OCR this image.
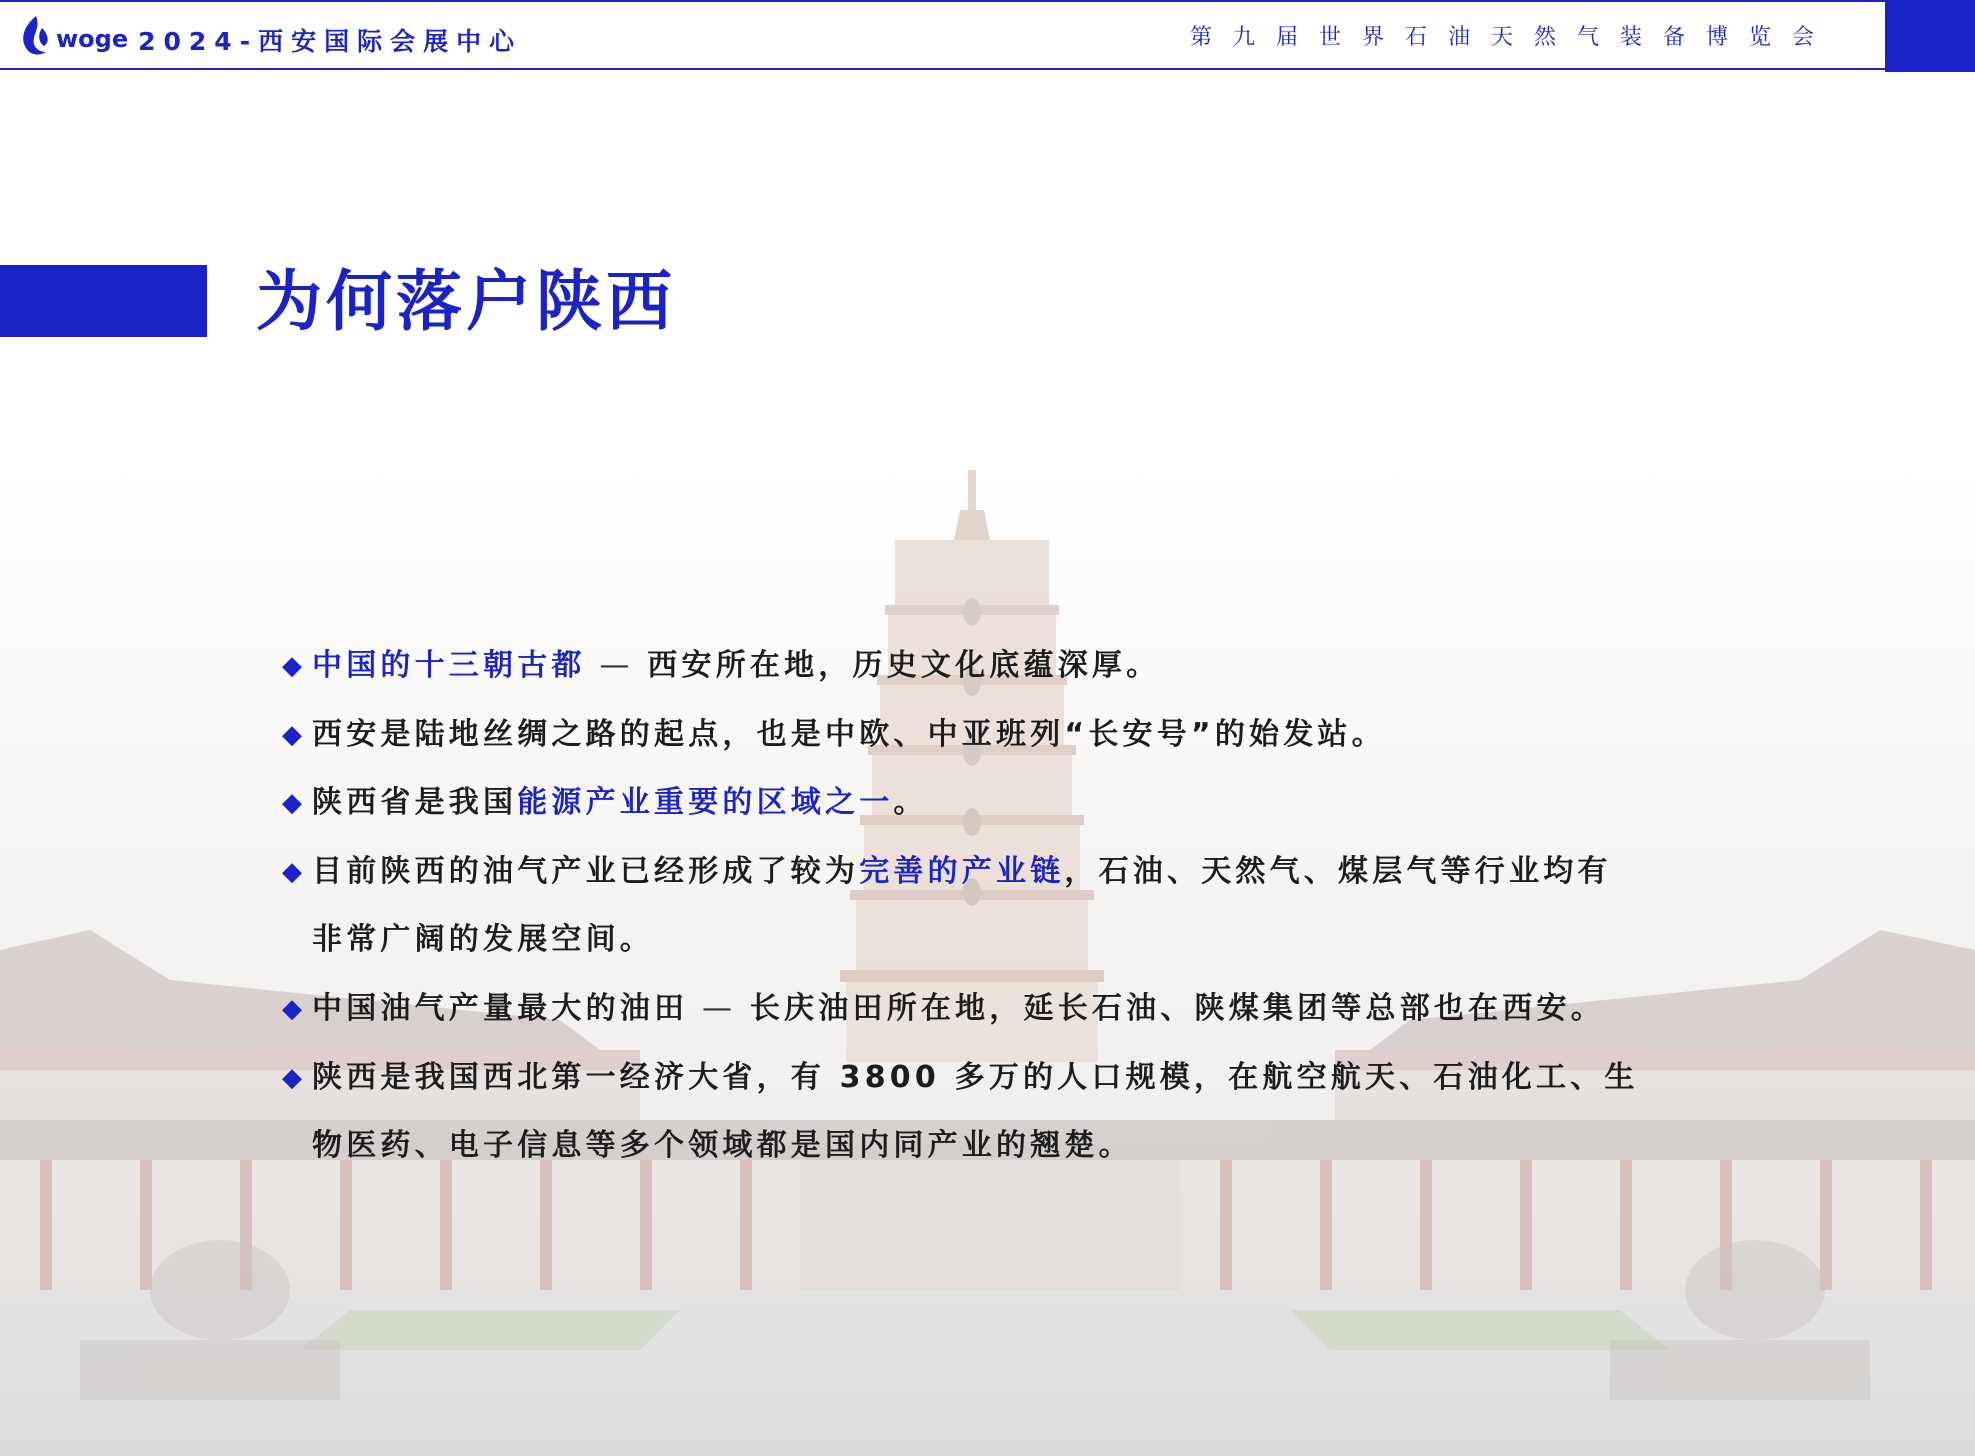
woge 2024-西安国际会展中心	第九届世界石油天然气装备博览会
为何落户陕西
◆ 中国的十三朝古都 — 西安所在地，历史文化底蕴深厚。
◆ 西安是陆地丝绸之路的起点，也是中欧、中亚班列“长安号”的始发站。
◆ 陕西省是我国能源产业重要的区域之一。
◆ 目前陕西的油气产业已经形成了较为完善的产业链，石油、天然气、煤层气等行业均有
非常广阔的发展空间。
◆ 中国油气产量最大的油田 — 长庆油田所在地，延长石油、陕煤集团等总部也在西安。
◆ 陕西是我国西北第一经济大省，有 3800 多万的人口规模，在航空航天、石油化工、生
物医药、电子信息等多个领域都是国内同产业的翘楚。
